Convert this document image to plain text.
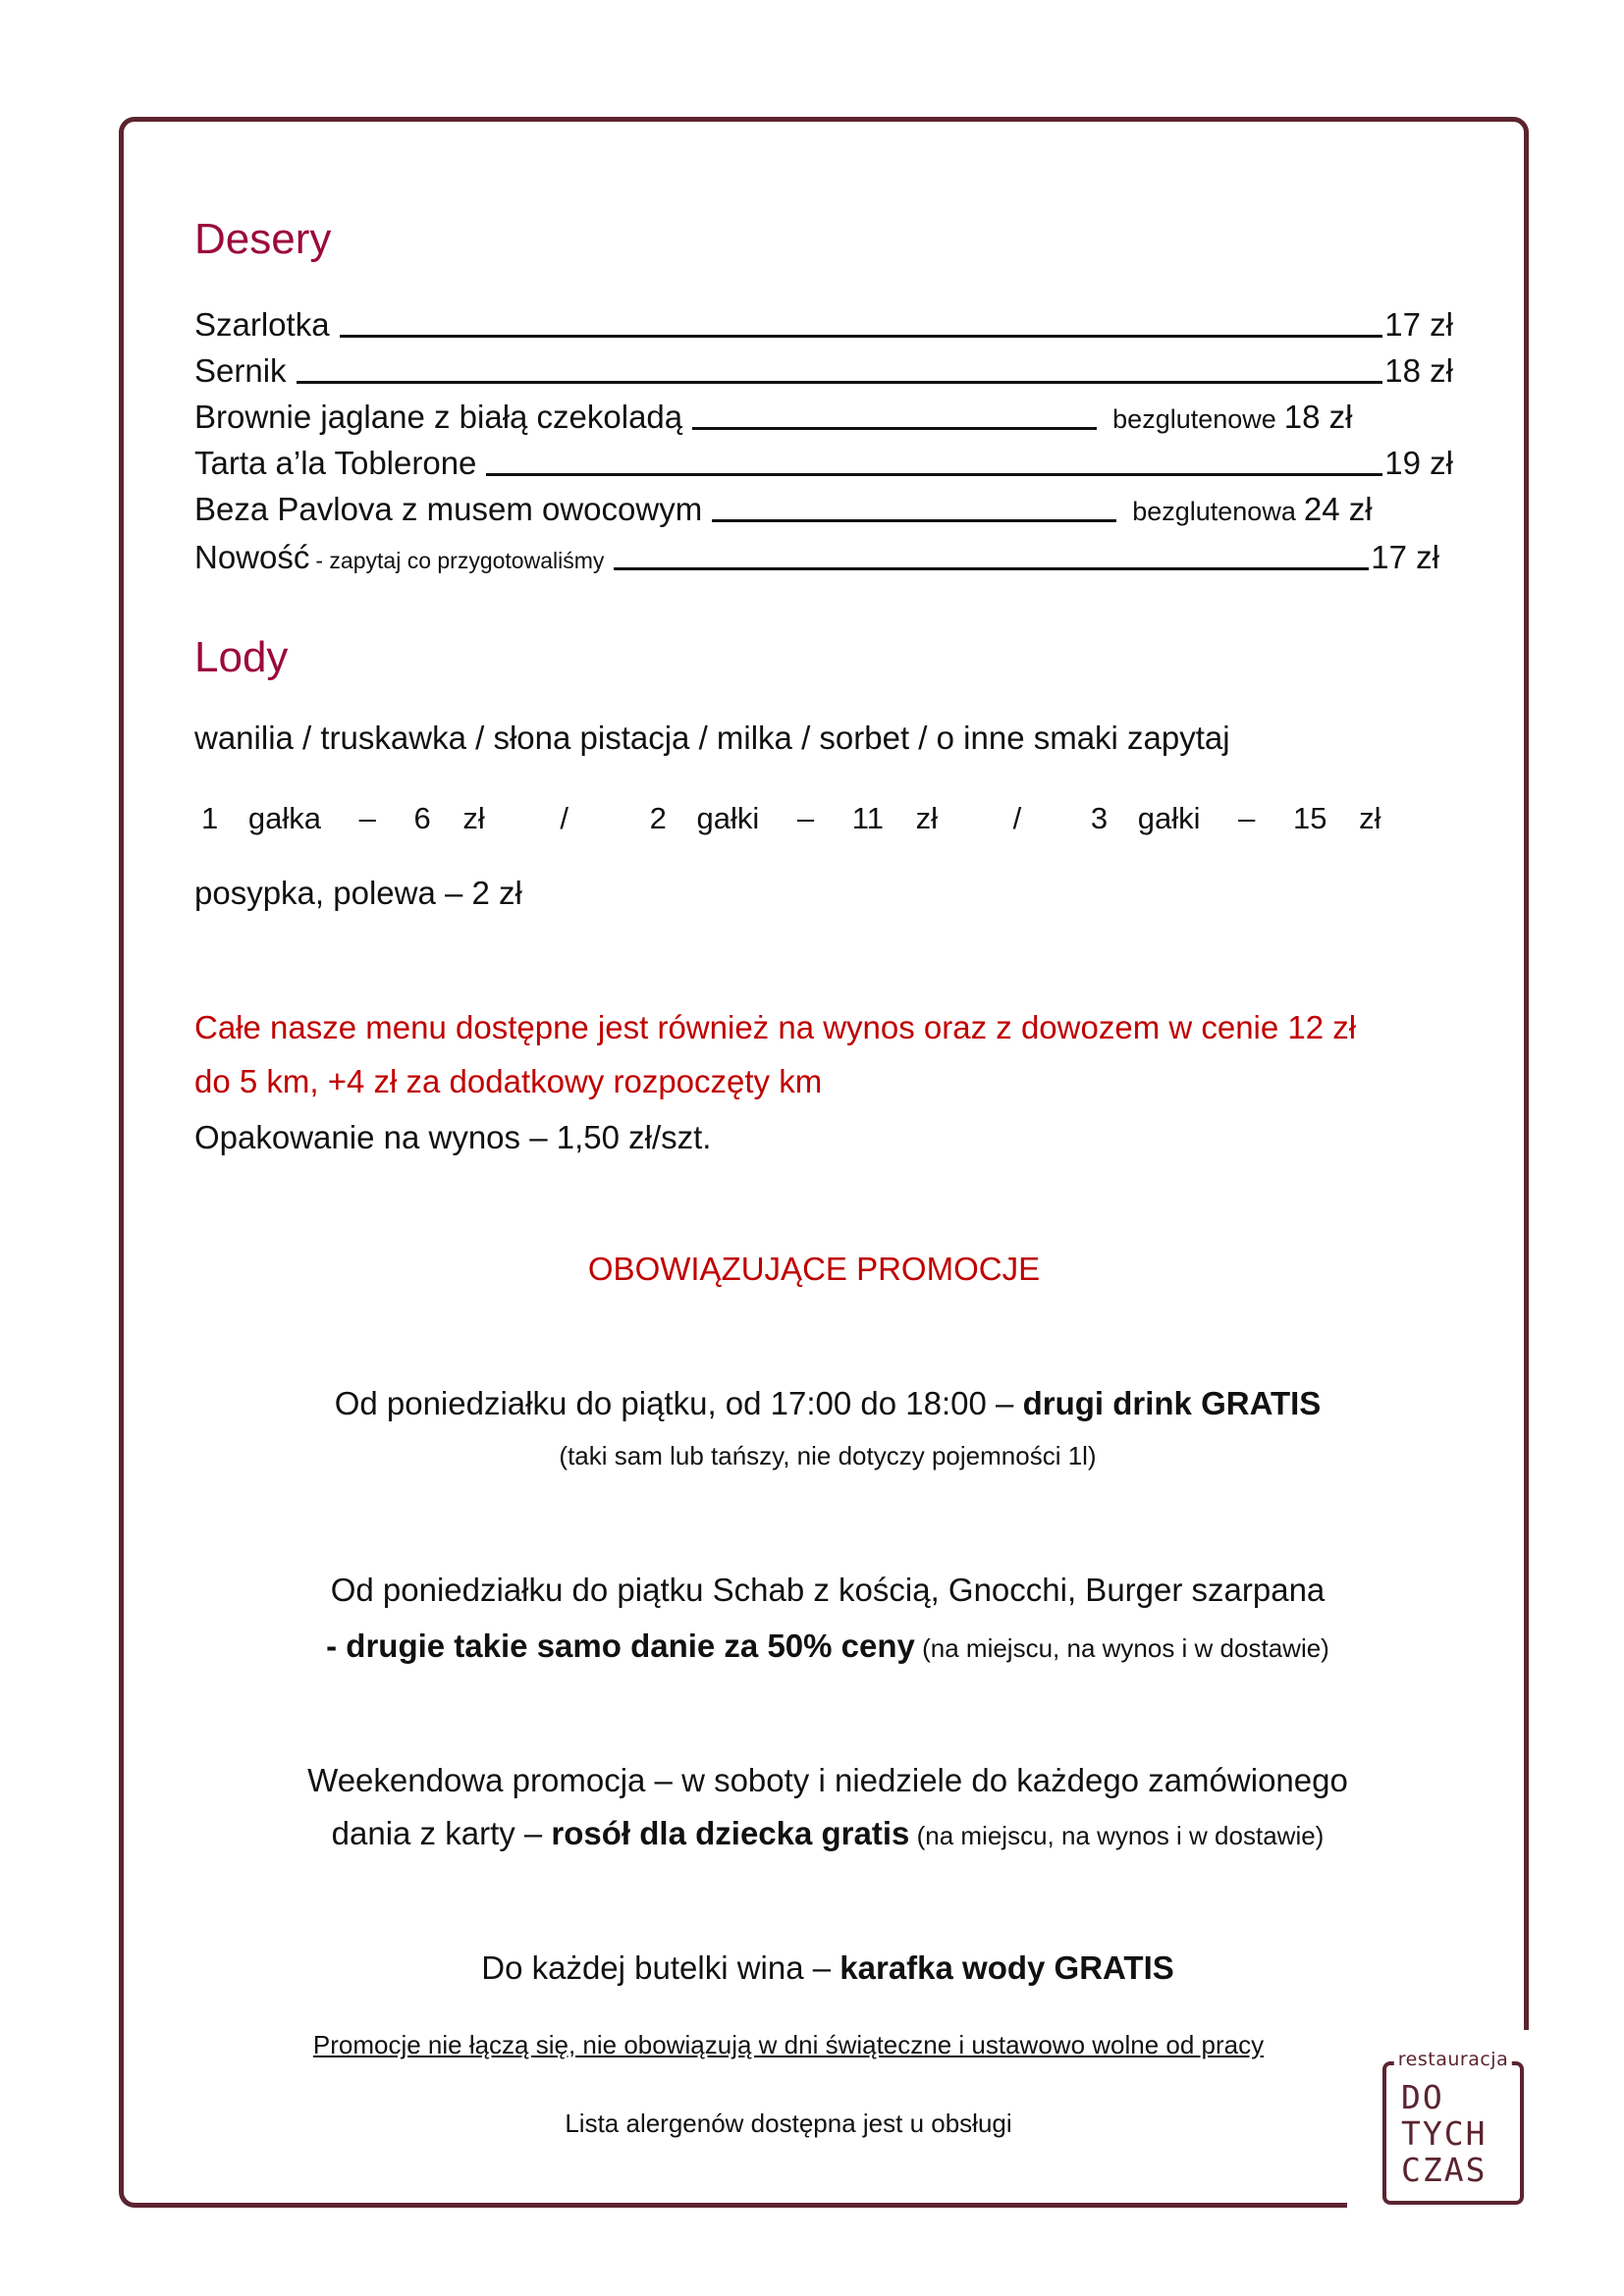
Desery
Szarlotka	17 zł
Sernik	18 zł
Brownie jaglane z białą czekoladą	bezglutenowe 18 zł
Tarta a’la Toblerone	19 zł
Beza Pavlova z musem owocowym	bezglutenowa 24 zł
Nowość - zapytaj co przygotowaliśmy	17 zł
Lody
wanilia / truskawka / słona pistacja / milka / sorbet / o inne smaki zapytaj
1 gałka – 6 zł /	2 gałki – 11 zł / 3 gałki – 15 zł
posypka, polewa – 2 zł
Całe nasze menu dostępne jest również na wynos oraz z dowozem w cenie 12 zł
do 5 km, +4 zł za dodatkowy rozpoczęty km
Opakowanie na wynos – 1,50 zł/szt.
OBOWIĄZUJĄCE PROMOCJE
Od poniedziałku do piątku, od 17:00 do 18:00 – drugi drink GRATIS
(taki sam lub tańszy, nie dotyczy pojemności 1l)
Od poniedziałku do piątku Schab z kością, Gnocchi, Burger szarpana
- drugie takie samo danie za 50% ceny (na miejscu, na wynos i w dostawie)
Weekendowa promocja – w soboty i niedziele do każdego zamówionego
dania z karty – rosół dla dziecka gratis (na miejscu, na wynos i w dostawie)
Do każdej butelki wina – karafka wody GRATIS
Promocje nie łączą się, nie obowiązują w dni świąteczne i ustawowo wolne od pracy
Lista alergenów dostępna jest u obsługi
restauracja
DO
TYCH
CZAS
